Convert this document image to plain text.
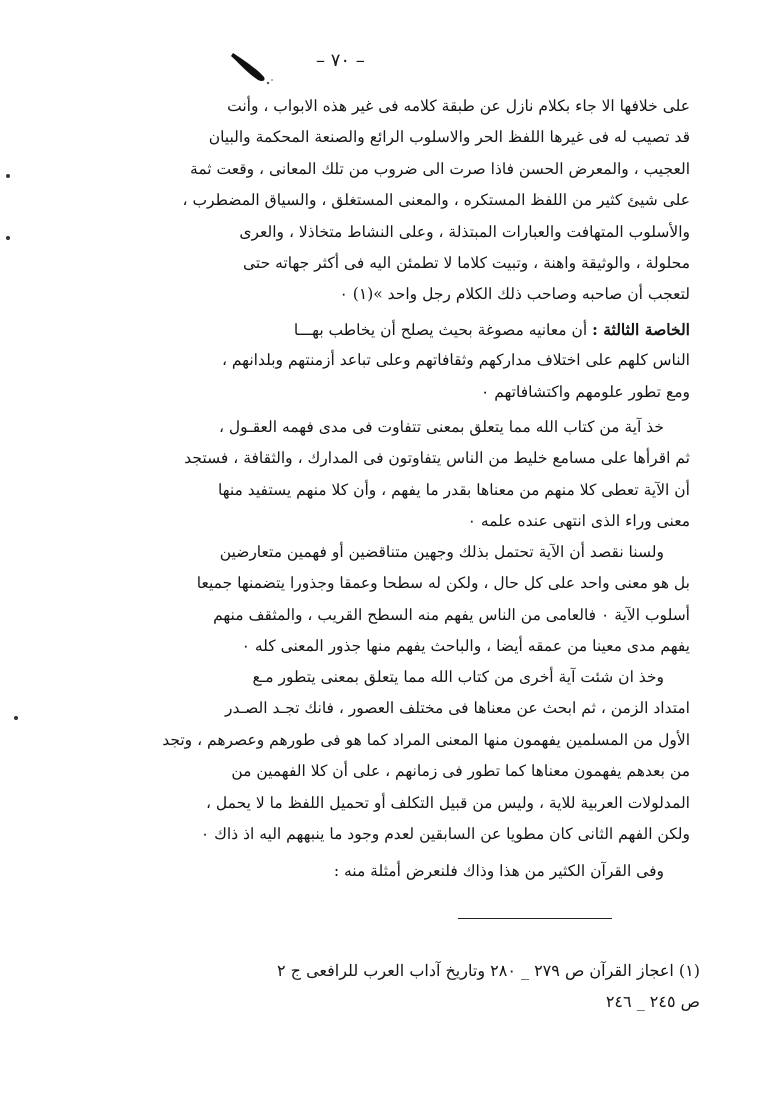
– ٧٠ –
على خلافها الا جاء بكلام نازل عن طبقة كلامه فى غير هذه الابواب ، وأنت
قد تصيب له فى غيرها اللفظ الحر والاسلوب الرائع والصنعة المحكمة والبيان
العجيب ، والمعرض الحسن فاذا صرت الى ضروب من تلك المعانى ، وقعت ثمة
على شيئ كثير من اللفظ المستكره ، والمعنى المستغلق ، والسياق المضطرب ،
والأسلوب المتهافت والعبارات المبتذلة ، وعلى النشاط متخاذلا ، والعرى
محلولة ، والوثيقة واهنة ، وتبيت كلاما لا تطمئن اليه فى أكثر جهاته حتى
لتعجب أن صاحبه وصاحب ذلك الكلام رجل واحد »(١) ٠
الخاصة الثالثة : أن معانيه مصوغة بحيث يصلح أن يخاطب بهـــا
الناس كلهم على اختلاف مداركهم وثقافاتهم وعلى تباعد أزمنتهم وبلدانهم ،
ومع تطور علومهم واكتشافاتهم ٠
خذ آية من كتاب الله مما يتعلق بمعنى تتفاوت فى مدى فهمه العقـول ،
ثم اقرأها على مسامع خليط من الناس يتفاوتون فى المدارك ، والثقافة ، فستجد
أن الآية تعطى كلا منهم من معناها بقدر ما يفهم ، وأن كلا منهم يستفيد منها
معنى وراء الذى انتهى عنده علمه ٠
ولسنا نقصد أن الآية تحتمل بذلك وجهين متناقضين أو فهمين متعارضين
بل هو معنى واحد على كل حال ، ولكن له سطحا وعمقا وجذورا يتضمنها جميعا
أسلوب الآية ٠ فالعامى من الناس يفهم منه السطح القريب ، والمثقف منهم
يفهم مدى معينا من عمقه أيضا ، والباحث يفهم منها جذور المعنى كله ٠
وخذ ان شئت آية أخرى من كتاب الله مما يتعلق بمعنى يتطور مـع
امتداد الزمن ، ثم ابحث عن معناها فى مختلف العصور ، فانك تجـد الصـدر
الأول من المسلمين يفهمون منها المعنى المراد كما هو فى طورهم وعصرهم ، وتجد
من بعدهم يفهمون معناها كما تطور فى زمانهم ، على أن كلا الفهمين من
المدلولات العربية للاية ، وليس من قبيل التكلف أو تحميل اللفظ ما لا يحمل ،
ولكن الفهم الثانى كان مطويا عن السابقين لعدم وجود ما ينبههم اليه اذ ذاك ٠
وفى القرآن الكثير من هذا وذاك فلنعرض أمثلة منه :
(١) اعجاز القرآن ص ٢٧٩ _ ٢٨٠ وتاريخ آداب العرب للرافعى ج ٢
ص ٢٤٥ _ ٢٤٦
